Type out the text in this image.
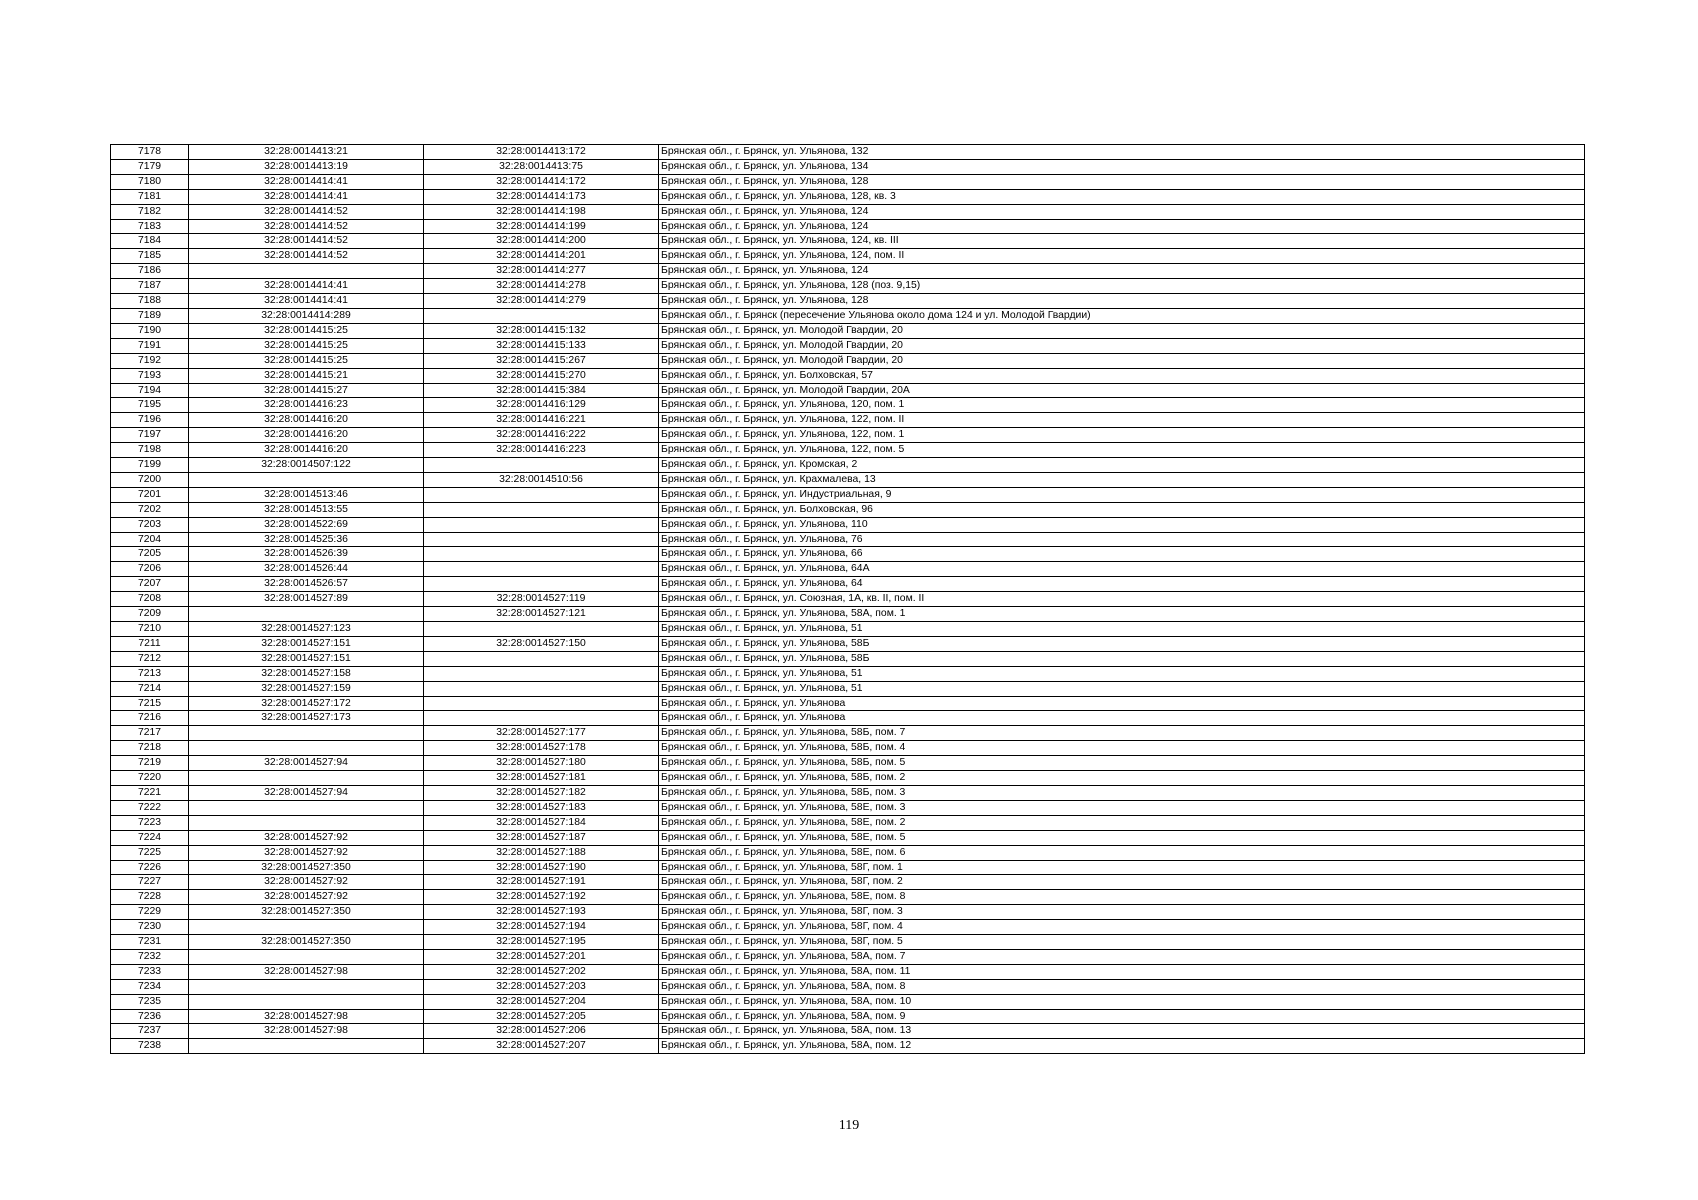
7178	32:28:0014413:21	32:28:0014413:172	Брянская обл., г. Брянск, ул. Ульянова, 132
7179	32:28:0014413:19	32:28:0014413:75	Брянская обл., г. Брянск, ул. Ульянова, 134
7180	32:28:0014414:41	32:28:0014414:172	Брянская обл., г. Брянск, ул. Ульянова, 128
7181	32:28:0014414:41	32:28:0014414:173	Брянская обл., г. Брянск, ул. Ульянова, 128, кв. 3
7182	32:28:0014414:52	32:28:0014414:198	Брянская обл., г. Брянск, ул. Ульянова, 124
7183	32:28:0014414:52	32:28:0014414:199	Брянская обл., г. Брянск, ул. Ульянова, 124
7184	32:28:0014414:52	32:28:0014414:200	Брянская обл., г. Брянск, ул. Ульянова, 124, кв. III
7185	32:28:0014414:52	32:28:0014414:201	Брянская обл., г. Брянск, ул. Ульянова, 124, пом. II
7186		32:28:0014414:277	Брянская обл., г. Брянск, ул. Ульянова, 124
7187	32:28:0014414:41	32:28:0014414:278	Брянская обл., г. Брянск, ул. Ульянова, 128 (поз. 9,15)
7188	32:28:0014414:41	32:28:0014414:279	Брянская обл., г. Брянск, ул. Ульянова, 128
7189	32:28:0014414:289		Брянская обл., г. Брянск (пересечение Ульянова около дома 124 и ул. Молодой Гвардии)
7190	32:28:0014415:25	32:28:0014415:132	Брянская обл., г. Брянск, ул. Молодой Гвардии, 20
7191	32:28:0014415:25	32:28:0014415:133	Брянская обл., г. Брянск, ул. Молодой Гвардии, 20
7192	32:28:0014415:25	32:28:0014415:267	Брянская обл., г. Брянск, ул. Молодой Гвардии, 20
7193	32:28:0014415:21	32:28:0014415:270	Брянская обл., г. Брянск, ул. Болховская, 57
7194	32:28:0014415:27	32:28:0014415:384	Брянская обл., г. Брянск, ул. Молодой Гвардии, 20А
7195	32:28:0014416:23	32:28:0014416:129	Брянская обл., г. Брянск, ул. Ульянова, 120, пом. 1
7196	32:28:0014416:20	32:28:0014416:221	Брянская обл., г. Брянск, ул. Ульянова, 122, пом. II
7197	32:28:0014416:20	32:28:0014416:222	Брянская обл., г. Брянск, ул. Ульянова, 122, пом. 1
7198	32:28:0014416:20	32:28:0014416:223	Брянская обл., г. Брянск, ул. Ульянова, 122, пом. 5
7199	32:28:0014507:122		Брянская обл., г. Брянск, ул. Кромская, 2
7200		32:28:0014510:56	Брянская обл., г. Брянск, ул. Крахмалева, 13
7201	32:28:0014513:46		Брянская обл., г. Брянск, ул. Индустриальная, 9
7202	32:28:0014513:55		Брянская обл., г. Брянск, ул. Болховская, 96
7203	32:28:0014522:69		Брянская обл., г. Брянск, ул. Ульянова, 110
7204	32:28:0014525:36		Брянская обл., г. Брянск, ул. Ульянова, 76
7205	32:28:0014526:39		Брянская обл., г. Брянск, ул. Ульянова, 66
7206	32:28:0014526:44		Брянская обл., г. Брянск, ул. Ульянова, 64А
7207	32:28:0014526:57		Брянская обл., г. Брянск, ул. Ульянова, 64
7208	32:28:0014527:89	32:28:0014527:119	Брянская обл., г. Брянск, ул. Союзная, 1А, кв. II, пом. II
7209		32:28:0014527:121	Брянская обл., г. Брянск, ул. Ульянова, 58А, пом. 1
7210	32:28:0014527:123		Брянская обл., г. Брянск, ул. Ульянова, 51
7211	32:28:0014527:151	32:28:0014527:150	Брянская обл., г. Брянск, ул. Ульянова, 58Б
7212	32:28:0014527:151		Брянская обл., г. Брянск, ул. Ульянова, 58Б
7213	32:28:0014527:158		Брянская обл., г. Брянск, ул. Ульянова, 51
7214	32:28:0014527:159		Брянская обл., г. Брянск, ул. Ульянова, 51
7215	32:28:0014527:172		Брянская обл., г. Брянск, ул. Ульянова
7216	32:28:0014527:173		Брянская обл., г. Брянск, ул. Ульянова
7217		32:28:0014527:177	Брянская обл., г. Брянск, ул. Ульянова, 58Б, пом. 7
7218		32:28:0014527:178	Брянская обл., г. Брянск, ул. Ульянова, 58Б, пом. 4
7219	32:28:0014527:94	32:28:0014527:180	Брянская обл., г. Брянск, ул. Ульянова, 58Б, пом. 5
7220		32:28:0014527:181	Брянская обл., г. Брянск, ул. Ульянова, 58Б, пом. 2
7221	32:28:0014527:94	32:28:0014527:182	Брянская обл., г. Брянск, ул. Ульянова, 58Б, пом. 3
7222		32:28:0014527:183	Брянская обл., г. Брянск, ул. Ульянова, 58Е, пом. 3
7223		32:28:0014527:184	Брянская обл., г. Брянск, ул. Ульянова, 58Е, пом. 2
7224	32:28:0014527:92	32:28:0014527:187	Брянская обл., г. Брянск, ул. Ульянова, 58Е, пом. 5
7225	32:28:0014527:92	32:28:0014527:188	Брянская обл., г. Брянск, ул. Ульянова, 58Е, пом. 6
7226	32:28:0014527:350	32:28:0014527:190	Брянская обл., г. Брянск, ул. Ульянова, 58Г, пом. 1
7227	32:28:0014527:92	32:28:0014527:191	Брянская обл., г. Брянск, ул. Ульянова, 58Г, пом. 2
7228	32:28:0014527:92	32:28:0014527:192	Брянская обл., г. Брянск, ул. Ульянова, 58Е, пом. 8
7229	32:28:0014527:350	32:28:0014527:193	Брянская обл., г. Брянск, ул. Ульянова, 58Г, пом. 3
7230		32:28:0014527:194	Брянская обл., г. Брянск, ул. Ульянова, 58Г, пом. 4
7231	32:28:0014527:350	32:28:0014527:195	Брянская обл., г. Брянск, ул. Ульянова, 58Г, пом. 5
7232		32:28:0014527:201	Брянская обл., г. Брянск, ул. Ульянова, 58А, пом. 7
7233	32:28:0014527:98	32:28:0014527:202	Брянская обл., г. Брянск, ул. Ульянова, 58А, пом. 11
7234		32:28:0014527:203	Брянская обл., г. Брянск, ул. Ульянова, 58А, пом. 8
7235		32:28:0014527:204	Брянская обл., г. Брянск, ул. Ульянова, 58А, пом. 10
7236	32:28:0014527:98	32:28:0014527:205	Брянская обл., г. Брянск, ул. Ульянова, 58А, пом. 9
7237	32:28:0014527:98	32:28:0014527:206	Брянская обл., г. Брянск, ул. Ульянова, 58А, пом. 13
7238		32:28:0014527:207	Брянская обл., г. Брянск, ул. Ульянова, 58А, пом. 12
119
